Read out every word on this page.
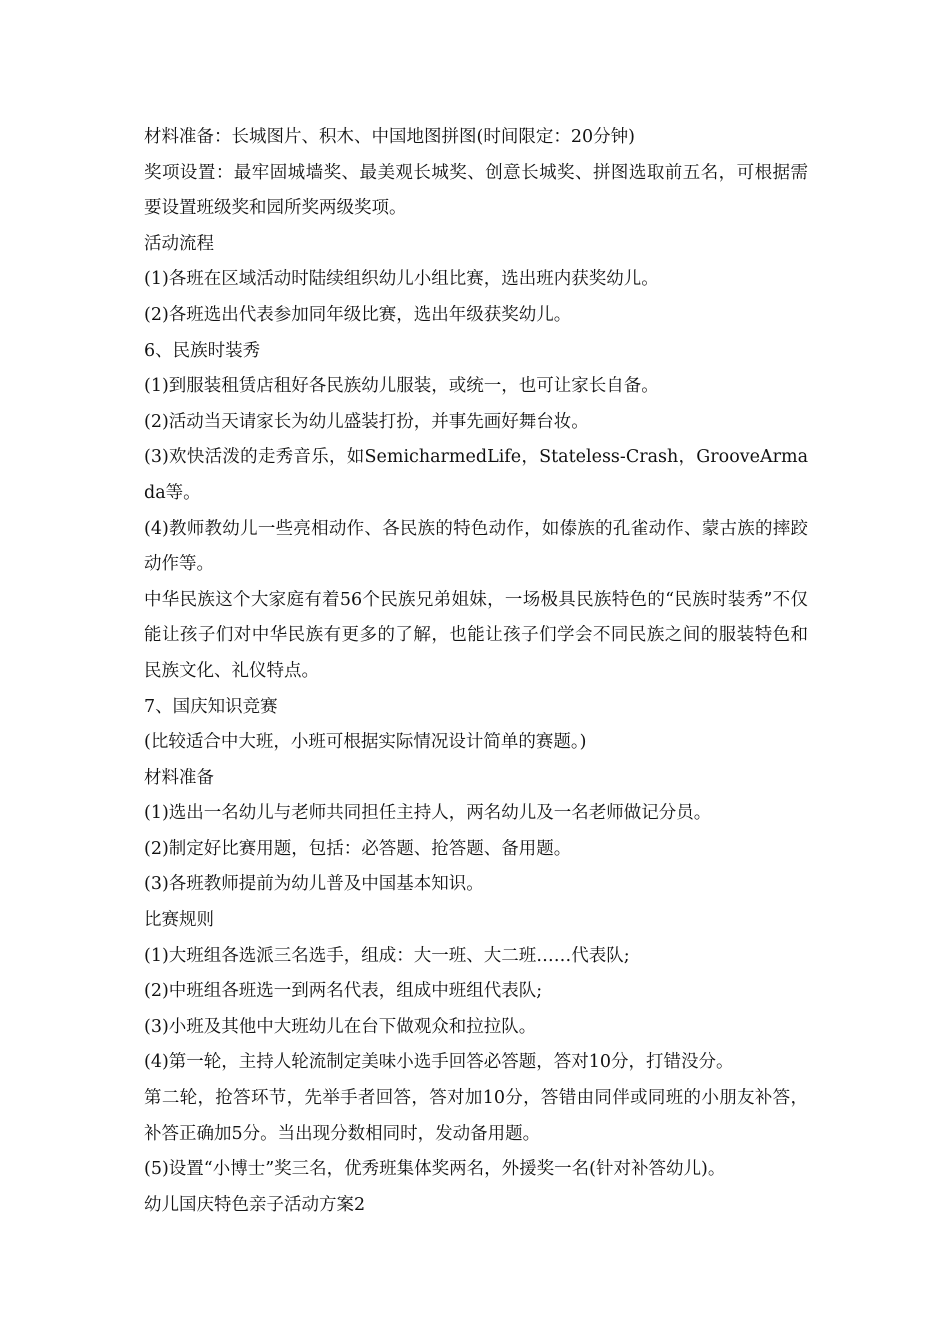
材料准备：长城图片、积木、中国地图拼图(时间限定：20分钟)

奖项设置：最牢固城墙奖、最美观长城奖、创意长城奖、拼图选取前五名，可根据需要设置班级奖和园所奖两级奖项。

活动流程

(1)各班在区域活动时陆续组织幼儿小组比赛，选出班内获奖幼儿。

(2)各班选出代表参加同年级比赛，选出年级获奖幼儿。

6、民族时装秀

(1)到服装租赁店租好各民族幼儿服装，或统一，也可让家长自备。

(2)活动当天请家长为幼儿盛装打扮，并事先画好舞台妆。

(3)欢快活泼的走秀音乐，如SemicharmedLife，Stateless-Crash，GrooveArmada等。

(4)教师教幼儿一些亮相动作、各民族的特色动作，如傣族的孔雀动作、蒙古族的摔跤动作等。

中华民族这个大家庭有着56个民族兄弟姐妹，一场极具民族特色的“民族时装秀”不仅能让孩子们对中华民族有更多的了解，也能让孩子们学会不同民族之间的服装特色和民族文化、礼仪特点。

7、国庆知识竞赛

(比较适合中大班，小班可根据实际情况设计简单的赛题。)

材料准备

(1)选出一名幼儿与老师共同担任主持人，两名幼儿及一名老师做记分员。

(2)制定好比赛用题，包括：必答题、抢答题、备用题。

(3)各班教师提前为幼儿普及中国基本知识。

比赛规则

(1)大班组各选派三名选手，组成：大一班、大二班……代表队;

(2)中班组各班选一到两名代表，组成中班组代表队;

(3)小班及其他中大班幼儿在台下做观众和拉拉队。

(4)第一轮，主持人轮流制定美味小选手回答必答题，答对10分，打错没分。

第二轮，抢答环节，先举手者回答，答对加10分，答错由同伴或同班的小朋友补答，补答正确加5分。当出现分数相同时，发动备用题。

(5)设置“小博士”奖三名，优秀班集体奖两名，外援奖一名(针对补答幼儿)。

幼儿国庆特色亲子活动方案2
